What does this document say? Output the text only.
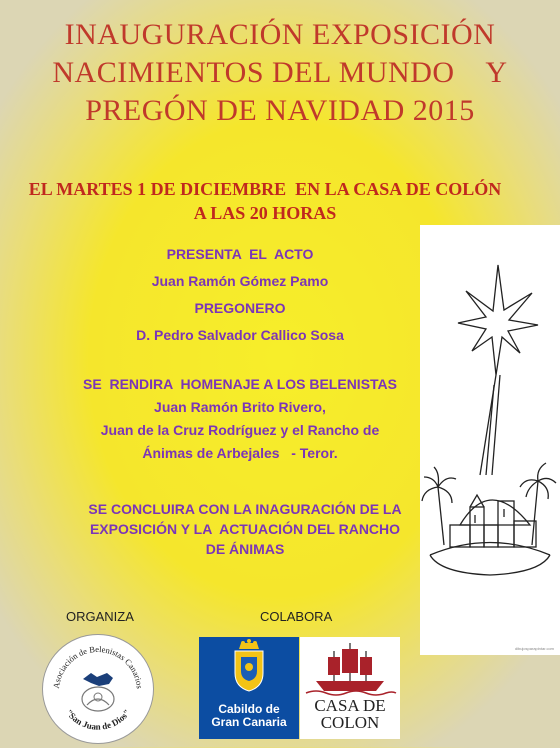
INAUGURACIÓN EXPOSICIÓN
NACIMIENTOS DEL MUNDO    Y
PREGÓN DE NAVIDAD 2015
EL MARTES 1 DE DICIEMBRE  EN LA CASA DE COLÓN
A LAS 20 HORAS
PRESENTA  EL  ACTO
Juan Ramón Gómez Pamo
PREGONERO
D. Pedro Salvador Callico Sosa
SE  RENDIRA  HOMENAJE A LOS BELENISTAS
Juan Ramón Brito Rivero,
Juan de la Cruz Rodríguez y el Rancho de
Ánimas de Arbejales   - Teror.
SE CONCLUIRA CON LA INAGURACIÓN DE LA
EXPOSICIÓN Y LA  ACTUACIÓN DEL RANCHO
DE ÁNIMAS
dibujosparapintar.com
ORGANIZA	COLABORA
Asociación de Belenistas Canarios
"San Juan de Dios"	Cabildo de
Gran Canaria
CASA DE
COLON
